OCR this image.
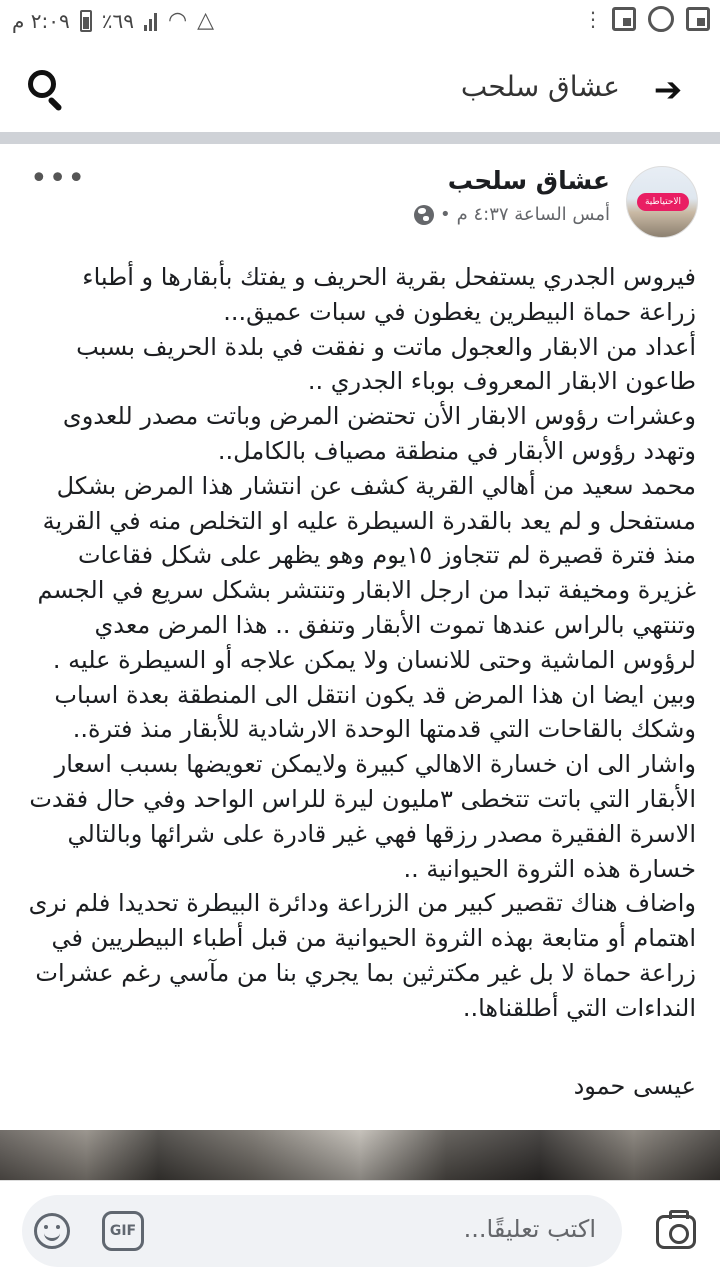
٢:٠٩ م ٪٦٩ ◠ △	⋮
عشاق سلحب ➔
الاحتياطية
عشاق سلحب
أمس الساعة ٤:٣٧ م
•
•••

فيروس الجدري يستفحل بقرية الحريف و يفتك بأبقارها و أطباء زراعة حماة البيطرين يغطون في سبات عميق...

أعداد من الابقار والعجول ماتت و نفقت في بلدة الحريف بسبب طاعون الابقار المعروف بوباء الجدري ..

وعشرات رؤوس الابقار الأن تحتضن المرض وباتت مصدر للعدوى وتهدد رؤوس الأبقار في منطقة مصياف بالكامل..

محمد سعيد من أهالي القرية كشف عن انتشار هذا المرض بشكل مستفحل و لم يعد بالقدرة السيطرة عليه او التخلص منه في القرية منذ فترة قصيرة لم تتجاوز ١٥يوم وهو يظهر على شكل فقاعات غزيرة ومخيفة تبدا من ارجل الابقار وتنتشر بشكل سريع في الجسم وتنتهي بالراس عندها تموت الأبقار وتنفق .. هذا المرض معدي لرؤوس الماشية وحتى للانسان ولا يمكن علاجه أو السيطرة عليه . وبين ايضا ان هذا المرض قد يكون انتقل الى المنطقة بعدة اسباب وشكك بالقاحات التي قدمتها الوحدة الارشادية للأبقار منذ فترة..

واشار الى ان خسارة الاهالي كبيرة ولايمكن تعويضها بسبب اسعار الأبقار التي باتت تتخطى ٣مليون ليرة للراس الواحد وفي حال فقدت الاسرة الفقيرة مصدر رزقها فهي غير قادرة على شرائها وبالتالي خسارة هذه الثروة الحيوانية ..

واضاف هناك تقصير كبير من الزراعة ودائرة البيطرة تحديدا فلم نرى اهتمام أو متابعة بهذه الثروة الحيوانية من قبل أطباء البيطريين في زراعة حماة لا بل غير مكترثين بما يجري بنا من مآسي رغم عشرات النداءات التي أطلقناها..

عيسى حمود
GIF	اكتب تعليقًا...
